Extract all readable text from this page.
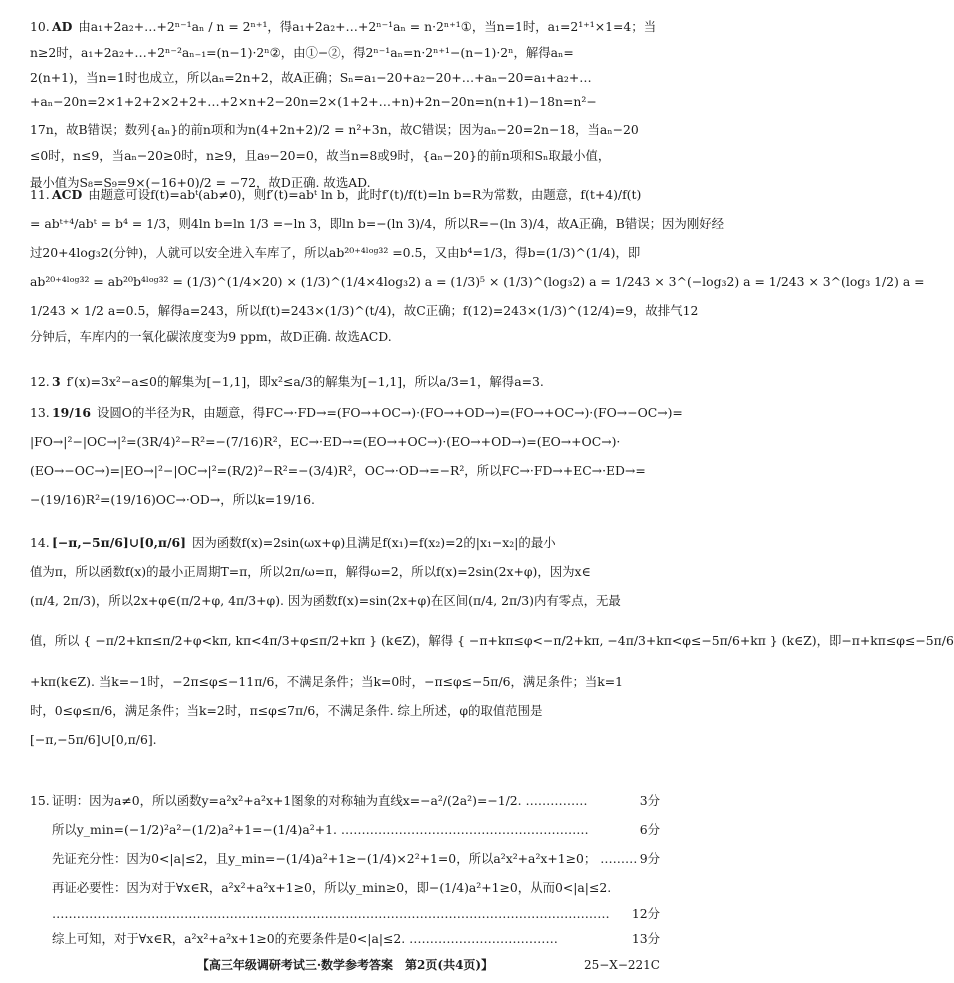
10. AD 由a₁+2a₂+…+2ⁿ⁻¹aₙ / n = 2ⁿ⁺¹，得a₁+2a₂+…+2ⁿ⁻¹aₙ = n·2ⁿ⁺¹①，当n=1时，a₁=2¹⁺¹×1=4；当
n≥2时，a₁+2a₂+…+2ⁿ⁻²aₙ₋₁=(n−1)·2ⁿ②，由①−②，得2ⁿ⁻¹aₙ=n·2ⁿ⁺¹−(n−1)·2ⁿ，解得aₙ=
2(n+1)，当n=1时也成立，所以aₙ=2n+2，故A正确；Sₙ=a₁−20+a₂−20+…+aₙ−20=a₁+a₂+…
+aₙ−20n=2×1+2+2×2+2+…+2×n+2−20n=2×(1+2+…+n)+2n−20n=n(n+1)−18n=n²−
17n，故B错误；数列{aₙ}的前n项和为n(4+2n+2)/2 = n²+3n，故C错误；因为aₙ−20=2n−18，当aₙ−20
≤0时，n≤9，当aₙ−20≥0时，n≥9，且a₉−20=0，故当n=8或9时，{aₙ−20}的前n项和Sₙ取最小值，
最小值为S₈=S₉=9×(−16+0)/2 = −72，故D正确. 故选AD.
11. ACD 由题意可设f(t)=abᵗ(ab≠0)，则f′(t)=abᵗ ln b，此时f′(t)/f(t)=ln b=R为常数，由题意，f(t+4)/f(t)
= abᵗ⁺⁴/abᵗ = b⁴ = 1/3，则4ln b=ln 1/3 =−ln 3，即ln b=−(ln 3)/4，所以R=−(ln 3)/4，故A正确，B错误；因为刚好经
过20+4log₃2(分钟)，人就可以安全进入车库了，所以ab²⁰⁺⁴ˡᵒᵍ³² =0.5，又由b⁴=1/3，得b=(1/3)^(1/4)，即
ab²⁰⁺⁴ˡᵒᵍ³² = ab²⁰b⁴ˡᵒᵍ³² = (1/3)^(1/4×20) × (1/3)^(1/4×4log₃2) a = (1/3)⁵ × (1/3)^(log₃2) a = 1/243 × 3^(−log₃2) a = 1/243 × 3^(log₃ 1/2) a =
1/243 × 1/2 a=0.5，解得a=243，所以f(t)=243×(1/3)^(t/4)，故C正确；f(12)=243×(1/3)^(12/4)=9，故排气12
分钟后，车库内的一氧化碳浓度变为9 ppm，故D正确. 故选ACD.
12. 3 f′(x)=3x²−a≤0的解集为[−1,1]，即x²≤a/3的解集为[−1,1]，所以a/3=1，解得a=3.
13. 19/16 设圆O的半径为R，由题意，得FC→·FD→=(FO→+OC→)·(FO→+OD→)=(FO→+OC→)·(FO→−OC→)=
|FO→|²−|OC→|²=(3R/4)²−R²=−(7/16)R²，EC→·ED→=(EO→+OC→)·(EO→+OD→)=(EO→+OC→)·
(EO→−OC→)=|EO→|²−|OC→|²=(R/2)²−R²=−(3/4)R²，OC→·OD→=−R²，所以FC→·FD→+EC→·ED→=
−(19/16)R²=(19/16)OC→·OD→，所以k=19/16.
14. [−π,−5π/6]∪[0,π/6] 因为函数f(x)=2sin(ωx+φ)且满足f(x₁)=f(x₂)=2的|x₁−x₂|的最小
值为π，所以函数f(x)的最小正周期T=π，所以2π/ω=π，解得ω=2，所以f(x)=2sin(2x+φ)，因为x∈
(π/4, 2π/3)，所以2x+φ∈(π/2+φ, 4π/3+φ). 因为函数f(x)=sin(2x+φ)在区间(π/4, 2π/3)内有零点，无最
值，所以 { −π/2+kπ≤π/2+φ<kπ, kπ<4π/3+φ≤π/2+kπ } (k∈Z)，解得 { −π+kπ≤φ<−π/2+kπ, −4π/3+kπ<φ≤−5π/6+kπ } (k∈Z)，即−π+kπ≤φ≤−5π/6
+kπ(k∈Z). 当k=−1时，−2π≤φ≤−11π/6，不满足条件；当k=0时，−π≤φ≤−5π/6，满足条件；当k=1
时，0≤φ≤π/6，满足条件；当k=2时，π≤φ≤7π/6，不满足条件. 综上所述，φ的取值范围是
[−π,−5π/6]∪[0,π/6].
15. 证明：因为a≠0，所以函数y=a²x²+a²x+1图象的对称轴为直线x=−a²/(2a²)=−1/2. ……………	3分
所以y_min=(−1/2)²a²−(1/2)a²+1=−(1/4)a²+1. ……………………………………………………	6分
先证充分性：因为0<|a|≤2，且y_min=−(1/4)a²+1≥−(1/4)×2²+1=0，所以a²x²+a²x+1≥0； ……… 9分
再证必要性：因为对于∀x∈R，a²x²+a²x+1≥0，所以y_min≥0，即−(1/4)a²+1≥0，从而0<|a|≤2.
……………………………………………………………………………………………………………………… 12分
综上可知，对于∀x∈R，a²x²+a²x+1≥0的充要条件是0<|a|≤2. ………………………………	13分
【高三年级调研考试三·数学参考答案　第2页(共4页)】	25−X−221C
